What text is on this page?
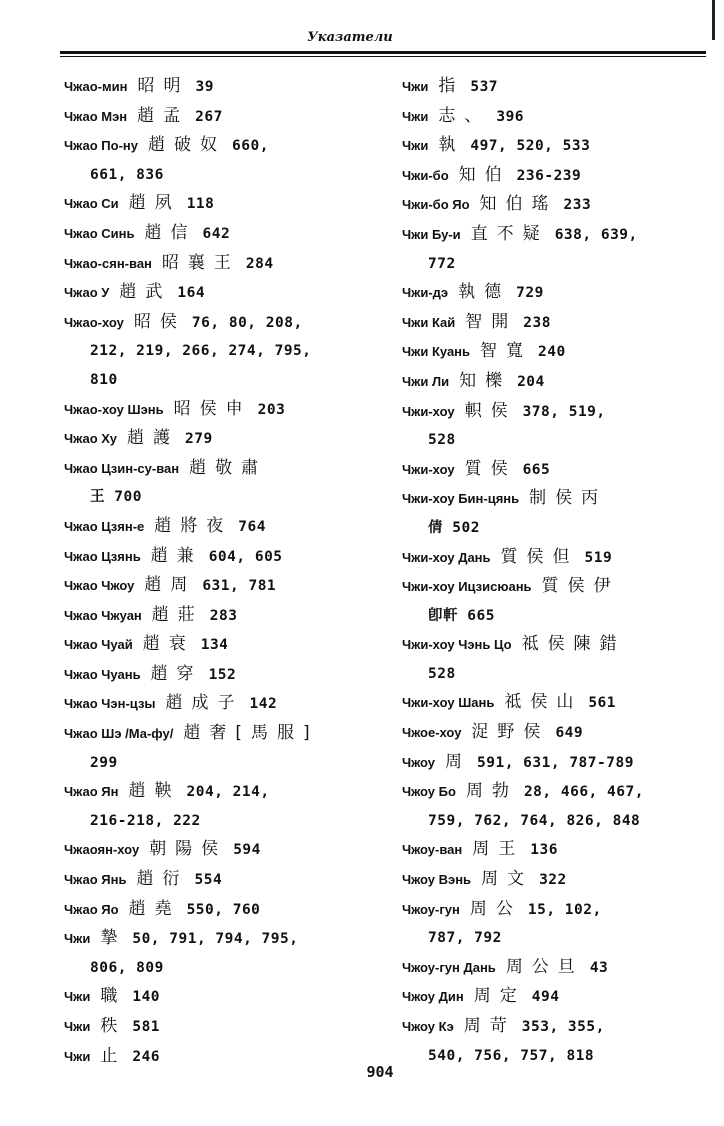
Указатели
Чжао-мин 昭明 39
Чжао Мэн 趙孟 267
Чжао По-ну 趙破奴 660,
661, 836
Чжао Си 趙夙 118
Чжао Синь 趙信 642
Чжао-сян-ван 昭襄王 284
Чжао У 趙武 164
Чжао-хоу 昭侯 76, 80, 208,
212, 219, 266, 274, 795,
810
Чжао-хоу Шэнь 昭侯申 203
Чжао Ху 趙護 279
Чжао Цзин-су-ван 趙敬肅
王 700
Чжао Цзян-е 趙將夜 764
Чжао Цзянь 趙兼 604, 605
Чжао Чжоу 趙周 631, 781
Чжао Чжуан 趙莊 283
Чжао Чуай 趙衰 134
Чжао Чуань 趙穿 152
Чжао Чэн-цзы 趙成子 142
Чжао Шэ /Ма-фу/ 趙奢[馬服]
299
Чжао Ян 趙鞅 204, 214,
216-218, 222
Чжаоян-хоу 朝陽侯 594
Чжао Янь 趙衍 554
Чжао Яо 趙堯 550, 760
Чжи 摯 50, 791, 794, 795,
806, 809
Чжи 職 140
Чжи 秩 581
Чжи 止 246
Чжи 指 537
Чжи 志、 396
Чжи 執 497, 520, 533
Чжи-бо 知伯 236-239
Чжи-бо Яо 知伯瑤 233
Чжи Бу-и 直不疑 638, 639,
772
Чжи-дэ 執德 729
Чжи Кай 智開 238
Чжи Куань 智寬 240
Чжи Ли 知櫟 204
Чжи-хоу 軹侯 378, 519,
528
Чжи-хоу 質侯 665
Чжи-хоу Бин-цянь 制侯丙
倩 502
Чжи-хоу Дань 質侯但 519
Чжи-хоу Ицзисюань 質侯伊
卽軒 665
Чжи-хоу Чэнь Цо 祗侯陳錯
528
Чжи-хоу Шань 祗侯山 561
Чжое-хоу 浞野侯 649
Чжоу 周 591, 631, 787-789
Чжоу Бо 周勃 28, 466, 467,
759, 762, 764, 826, 848
Чжоу-ван 周王 136
Чжоу Вэнь 周文 322
Чжоу-гун 周公 15, 102,
787, 792
Чжоу-гун Дань 周公旦 43
Чжоу Дин 周定 494
Чжоу Кэ 周苛 353, 355,
540, 756, 757, 818
904
